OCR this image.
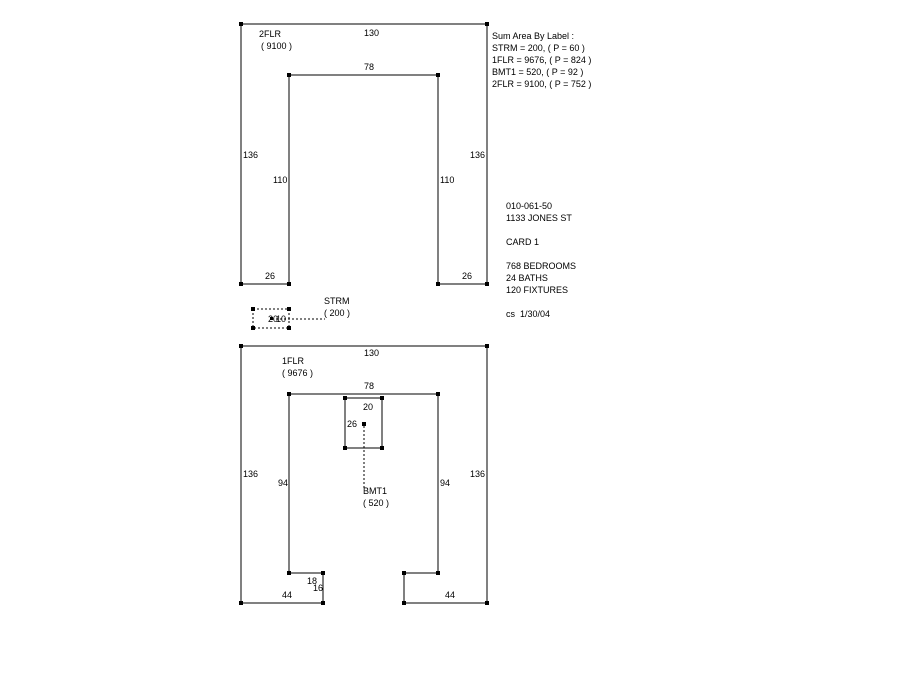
2FLR
( 9100 )
130
78
136
110	110
136
26	26
20
10
STRM
( 200 )
1FLR
( 9676 )
130
78
136
94	94
136
18
16
44	44
20
26
BMT1
( 520 )
Sum Area By Label :
STRM = 200, ( P = 60 )
1FLR = 9676, ( P = 824 )
BMT1 = 520, ( P = 92 )
2FLR = 9100, ( P = 752 )
010-061-50
1133 JONES ST
CARD 1
768 BEDROOMS
24 BATHS
120 FIXTURES
cs  1/30/04
